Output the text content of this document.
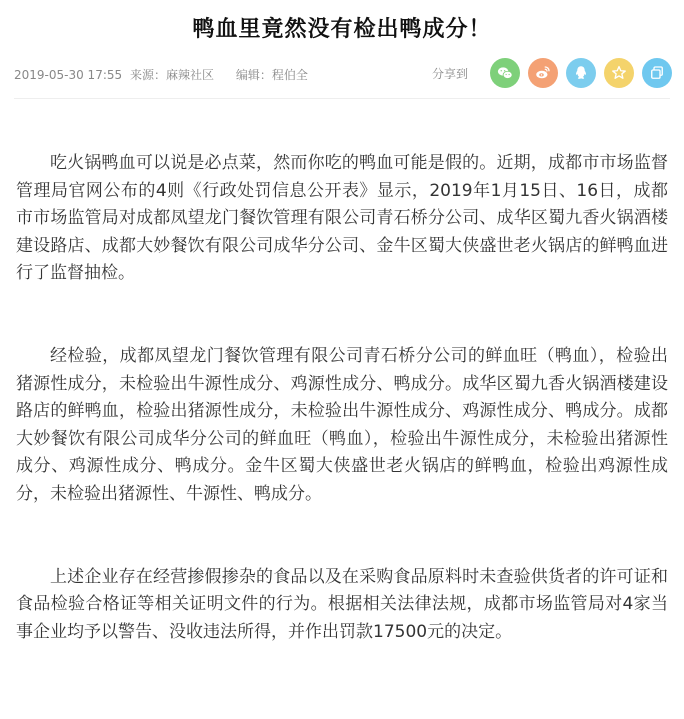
鸭血里竟然没有检出鸭成分！
2019-05-30 17:55 来源：麻辣社区 编辑：程伯全	分享到

吃火锅鸭血可以说是必点菜，然而你吃的鸭血可能是假的。近期，成都市市场监督管理局官网公布的4则《行政处罚信息公开表》显示，2019年1月15日、16日，成都市市场监管局对成都凤望龙门餐饮管理有限公司青石桥分公司、成华区蜀九香火锅酒楼建设路店、成都大妙餐饮有限公司成华分公司、金牛区蜀大侠盛世老火锅店的鲜鸭血进行了监督抽检。

经检验，成都凤望龙门餐饮管理有限公司青石桥分公司的鲜血旺（鸭血），检验出猪源性成分，未检验出牛源性成分、鸡源性成分、鸭成分。成华区蜀九香火锅酒楼建设路店的鲜鸭血，检验出猪源性成分，未检验出牛源性成分、鸡源性成分、鸭成分。成都大妙餐饮有限公司成华分公司的鲜血旺（鸭血），检验出牛源性成分，未检验出猪源性成分、鸡源性成分、鸭成分。金牛区蜀大侠盛世老火锅店的鲜鸭血，检验出鸡源性成分，未检验出猪源性、牛源性、鸭成分。

上述企业存在经营掺假掺杂的食品以及在采购食品原料时未查验供货者的许可证和食品检验合格证等相关证明文件的行为。根据相关法律法规，成都市场监管局对4家当事企业均予以警告、没收违法所得，并作出罚款17500元的决定。
